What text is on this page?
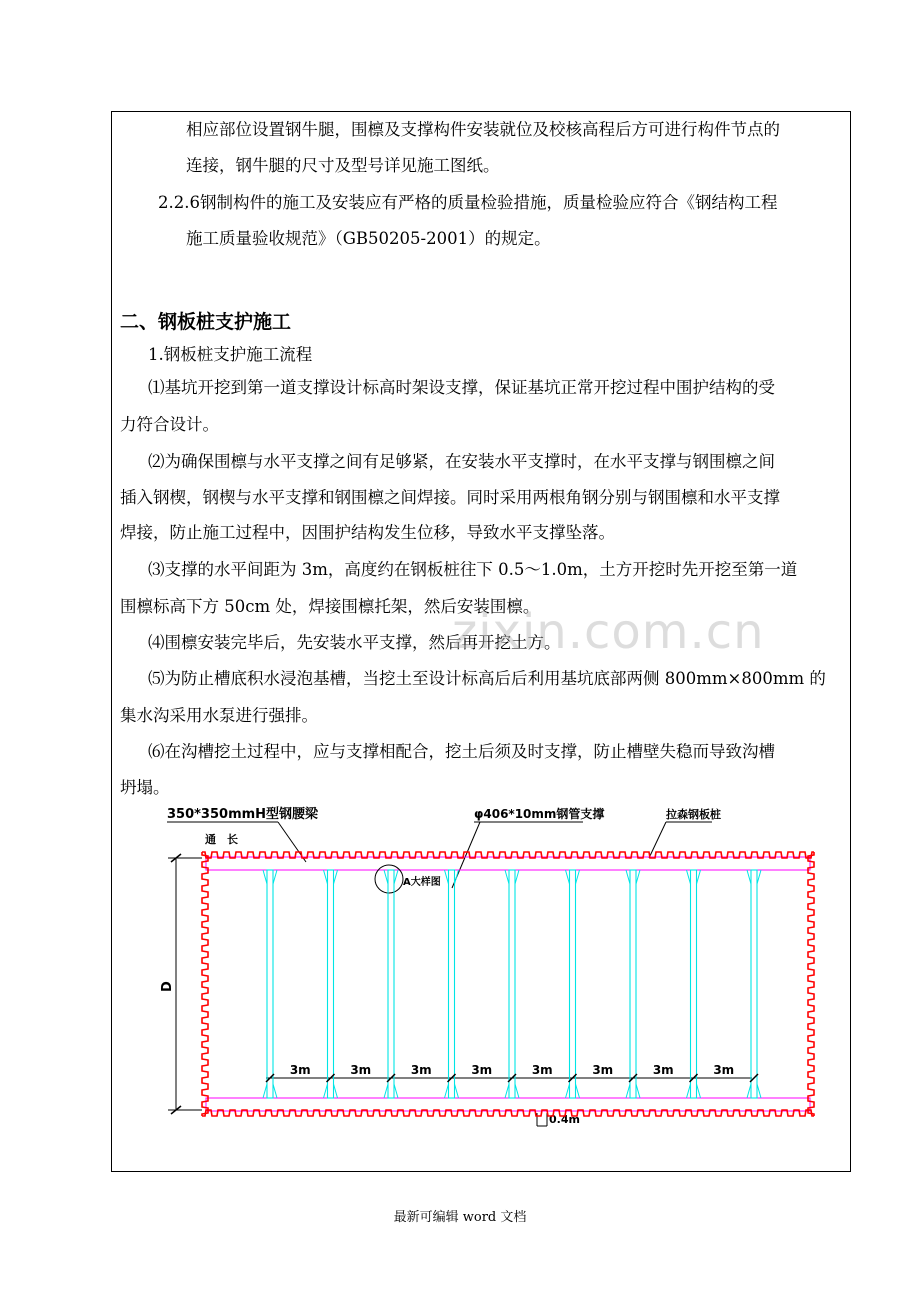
相应部位设置钢牛腿，围檩及支撑构件安装就位及校核高程后方可进行构件节点的
连接，钢牛腿的尺寸及型号详见施工图纸。
2.2.6钢制构件的施工及安装应有严格的质量检验措施，质量检验应符合《钢结构工程
施工质量验收规范》（GB50205-2001）的规定。
二、钢板桩支护施工
1.钢板桩支护施工流程
⑴基坑开挖到第一道支撑设计标高时架设支撑，保证基坑正常开挖过程中围护结构的受
力符合设计。
⑵为确保围檩与水平支撑之间有足够紧，在安装水平支撑时，在水平支撑与钢围檩之间
插入钢楔，钢楔与水平支撑和钢围檩之间焊接。同时采用两根角钢分别与钢围檩和水平支撑
焊接，防止施工过程中，因围护结构发生位移，导致水平支撑坠落。
⑶支撑的水平间距为 3m，高度约在钢板桩往下 0.5～1.0m，土方开挖时先开挖至第一道
围檩标高下方 50cm 处，焊接围檩托架，然后安装围檩。
⑷围檩安装完毕后，先安装水平支撑，然后再开挖土方。
⑸为防止槽底积水浸泡基槽，当挖土至设计标高后后利用基坑底部两侧 800mm×800mm 的
集水沟采用水泵进行强排。
⑹在沟槽挖土过程中，应与支撑相配合，挖土后须及时支撑，防止槽壁失稳而导致沟槽
坍塌。
zixin.com.cn
350*350mmH型钢腰梁	φ406*10mm钢管支撑	拉森钢板桩
通　长
D
A大样图
0.4m
3m	3m	3m	3m	3m	3m	3m	3m
最新可编辑 word 文档
